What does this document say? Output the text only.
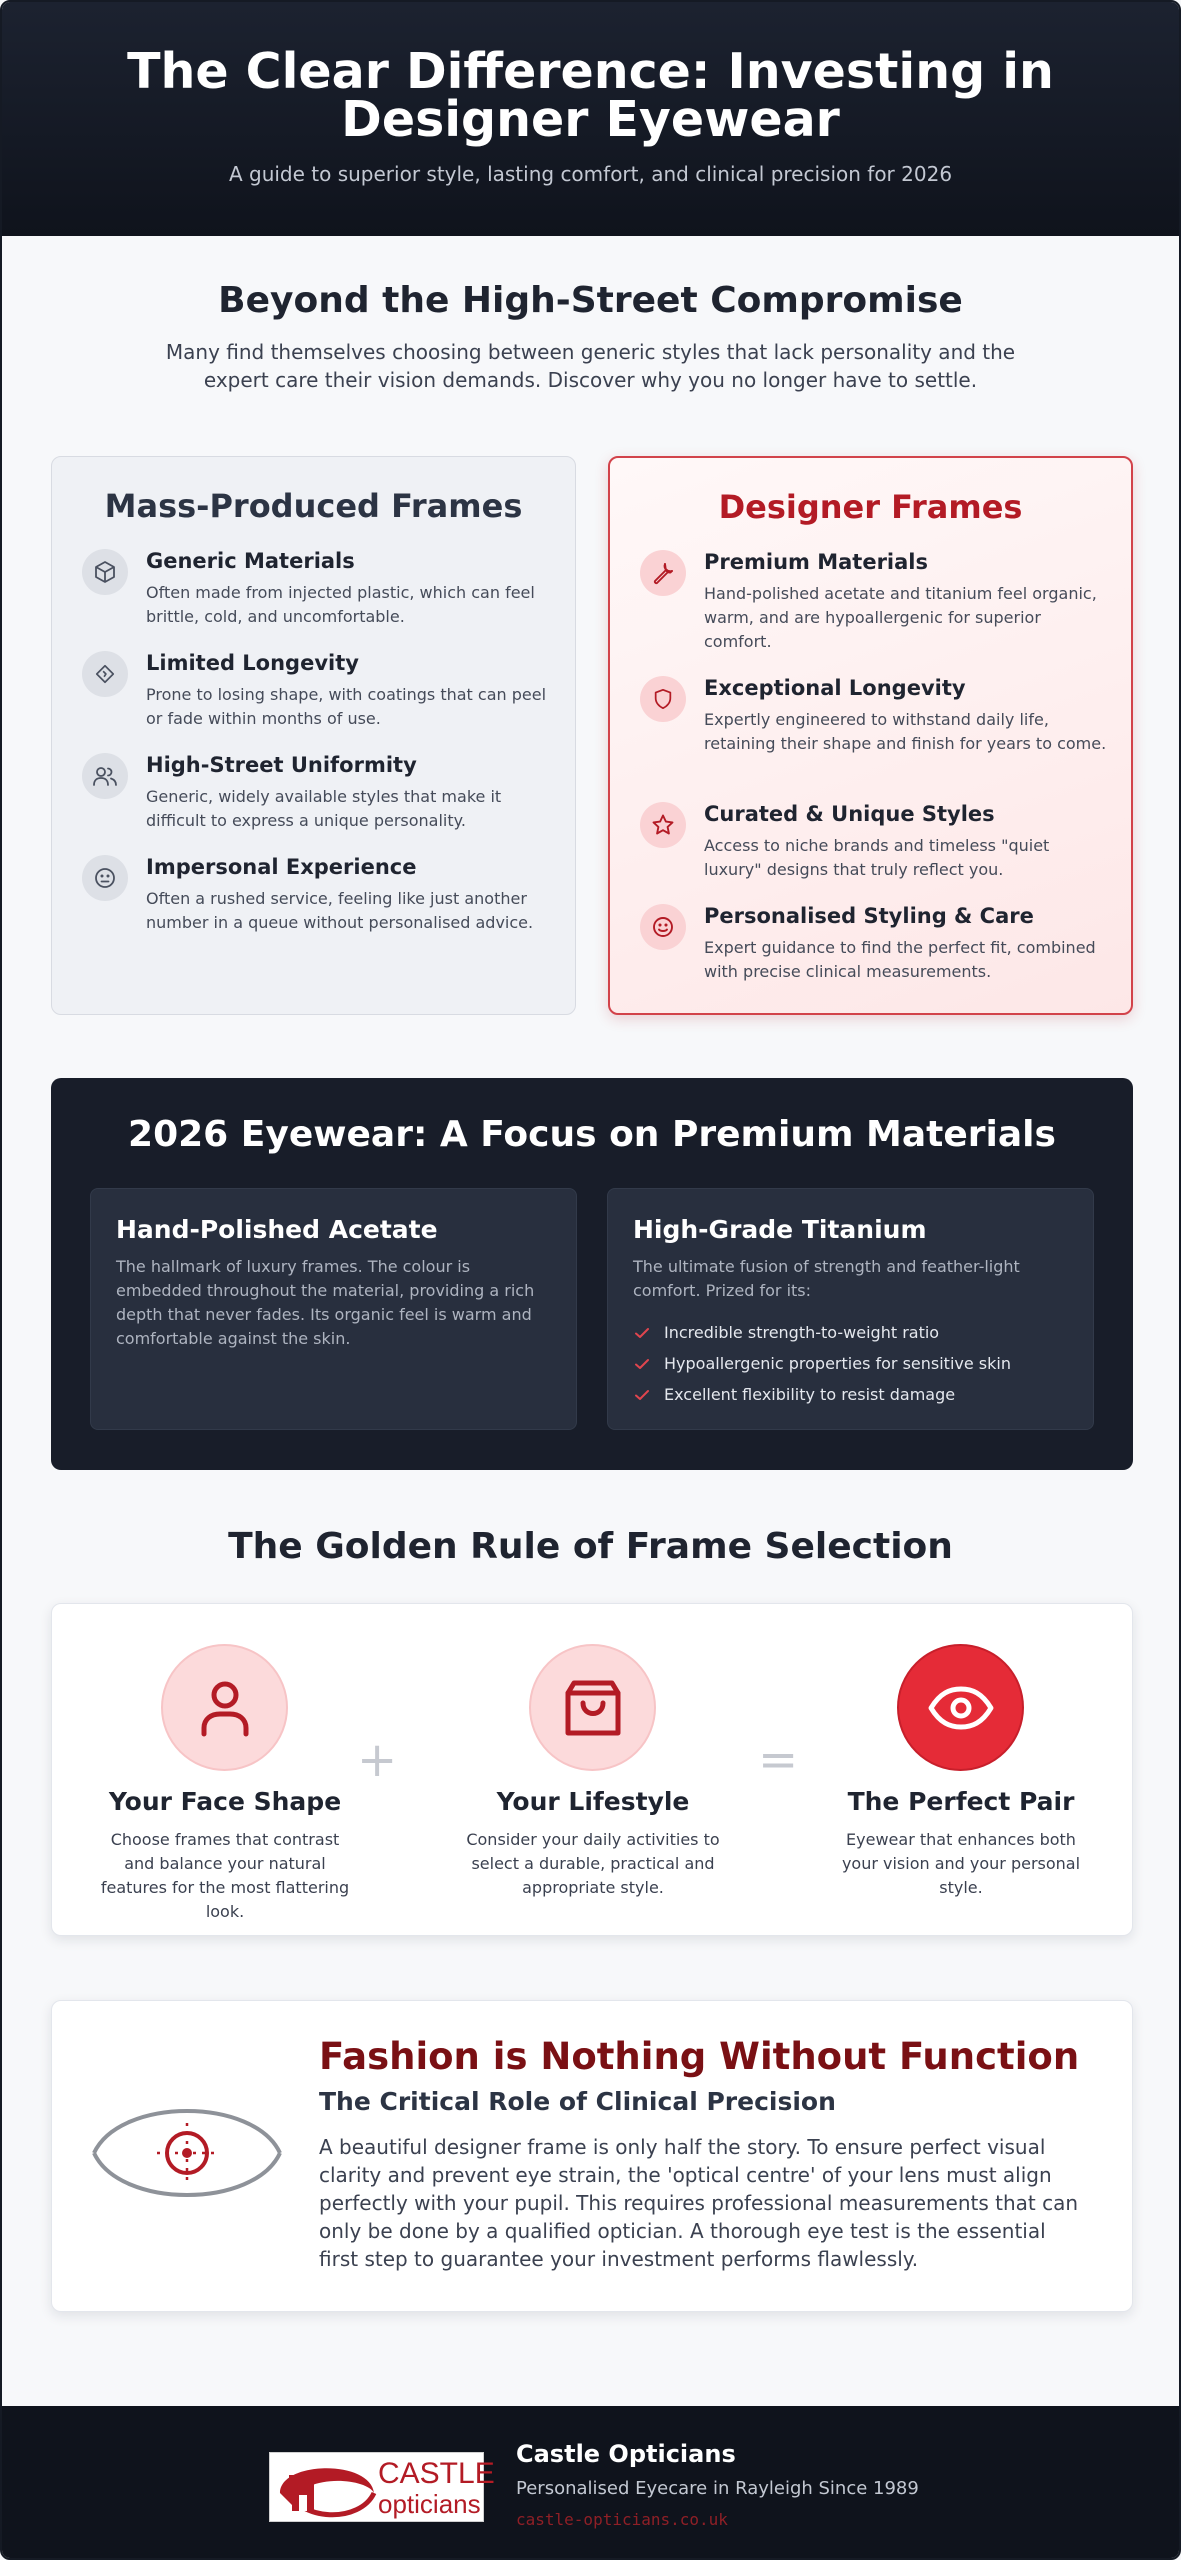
The Clear Difference: Investing in Designer Eyewear

A guide to superior style, lasting comfort, and clinical precision for 2026

Beyond the High-Street Compromise

Many find themselves choosing between generic styles that lack personality and the expert care their vision demands. Discover why you no longer have to settle.

Mass-Produced Frames
Generic Materials
Often made from injected plastic, which can feel brittle, cold, and uncomfortable.
Limited Longevity
Prone to losing shape, with coatings that can peel or fade within months of use.
High-Street Uniformity
Generic, widely available styles that make it difficult to express a unique personality.
Impersonal Experience
Often a rushed service, feeling like just another number in a queue without personalised advice.
Designer Frames
Premium Materials
Hand-polished acetate and titanium feel organic, warm, and are hypoallergenic for superior comfort.
Exceptional Longevity
Expertly engineered to withstand daily life, retaining their shape and finish for years to come.
Curated & Unique Styles
Access to niche brands and timeless "quiet luxury" designs that truly reflect you.
Personalised Styling & Care
Expert guidance to find the perfect fit, combined with precise clinical measurements.
2026 Eyewear: A Focus on Premium Materials
Hand-Polished Acetate

The hallmark of luxury frames. The colour is embedded throughout the material, providing a rich depth that never fades. Its organic feel is warm and comfortable against the skin.

High-Grade Titanium

The ultimate fusion of strength and feather-light comfort. Prized for its:

Incredible strength-to-weight ratio
Hypoallergenic properties for sensitive skin
Excellent flexibility to resist damage
The Golden Rule of Frame Selection
Your Face Shape

Choose frames that contrast and balance your natural features for the most flattering look.

+
Your Lifestyle

Consider your daily activities to select a durable, practical and appropriate style.

=
The Perfect Pair

Eyewear that enhances both your vision and your personal style.

Fashion is Nothing Without Function
The Critical Role of Clinical Precision

A beautiful designer frame is only half the story. To ensure perfect visual clarity and prevent eye strain, the 'optical centre' of your lens must align perfectly with your pupil. This requires professional measurements that can only be done by a qualified optician. A thorough eye test is the essential first step to guarantee your investment performs flawlessly.

CASTLE
opticians
Castle Opticians
Personalised Eyecare in Rayleigh Since 1989
castle-opticians.co.uk
